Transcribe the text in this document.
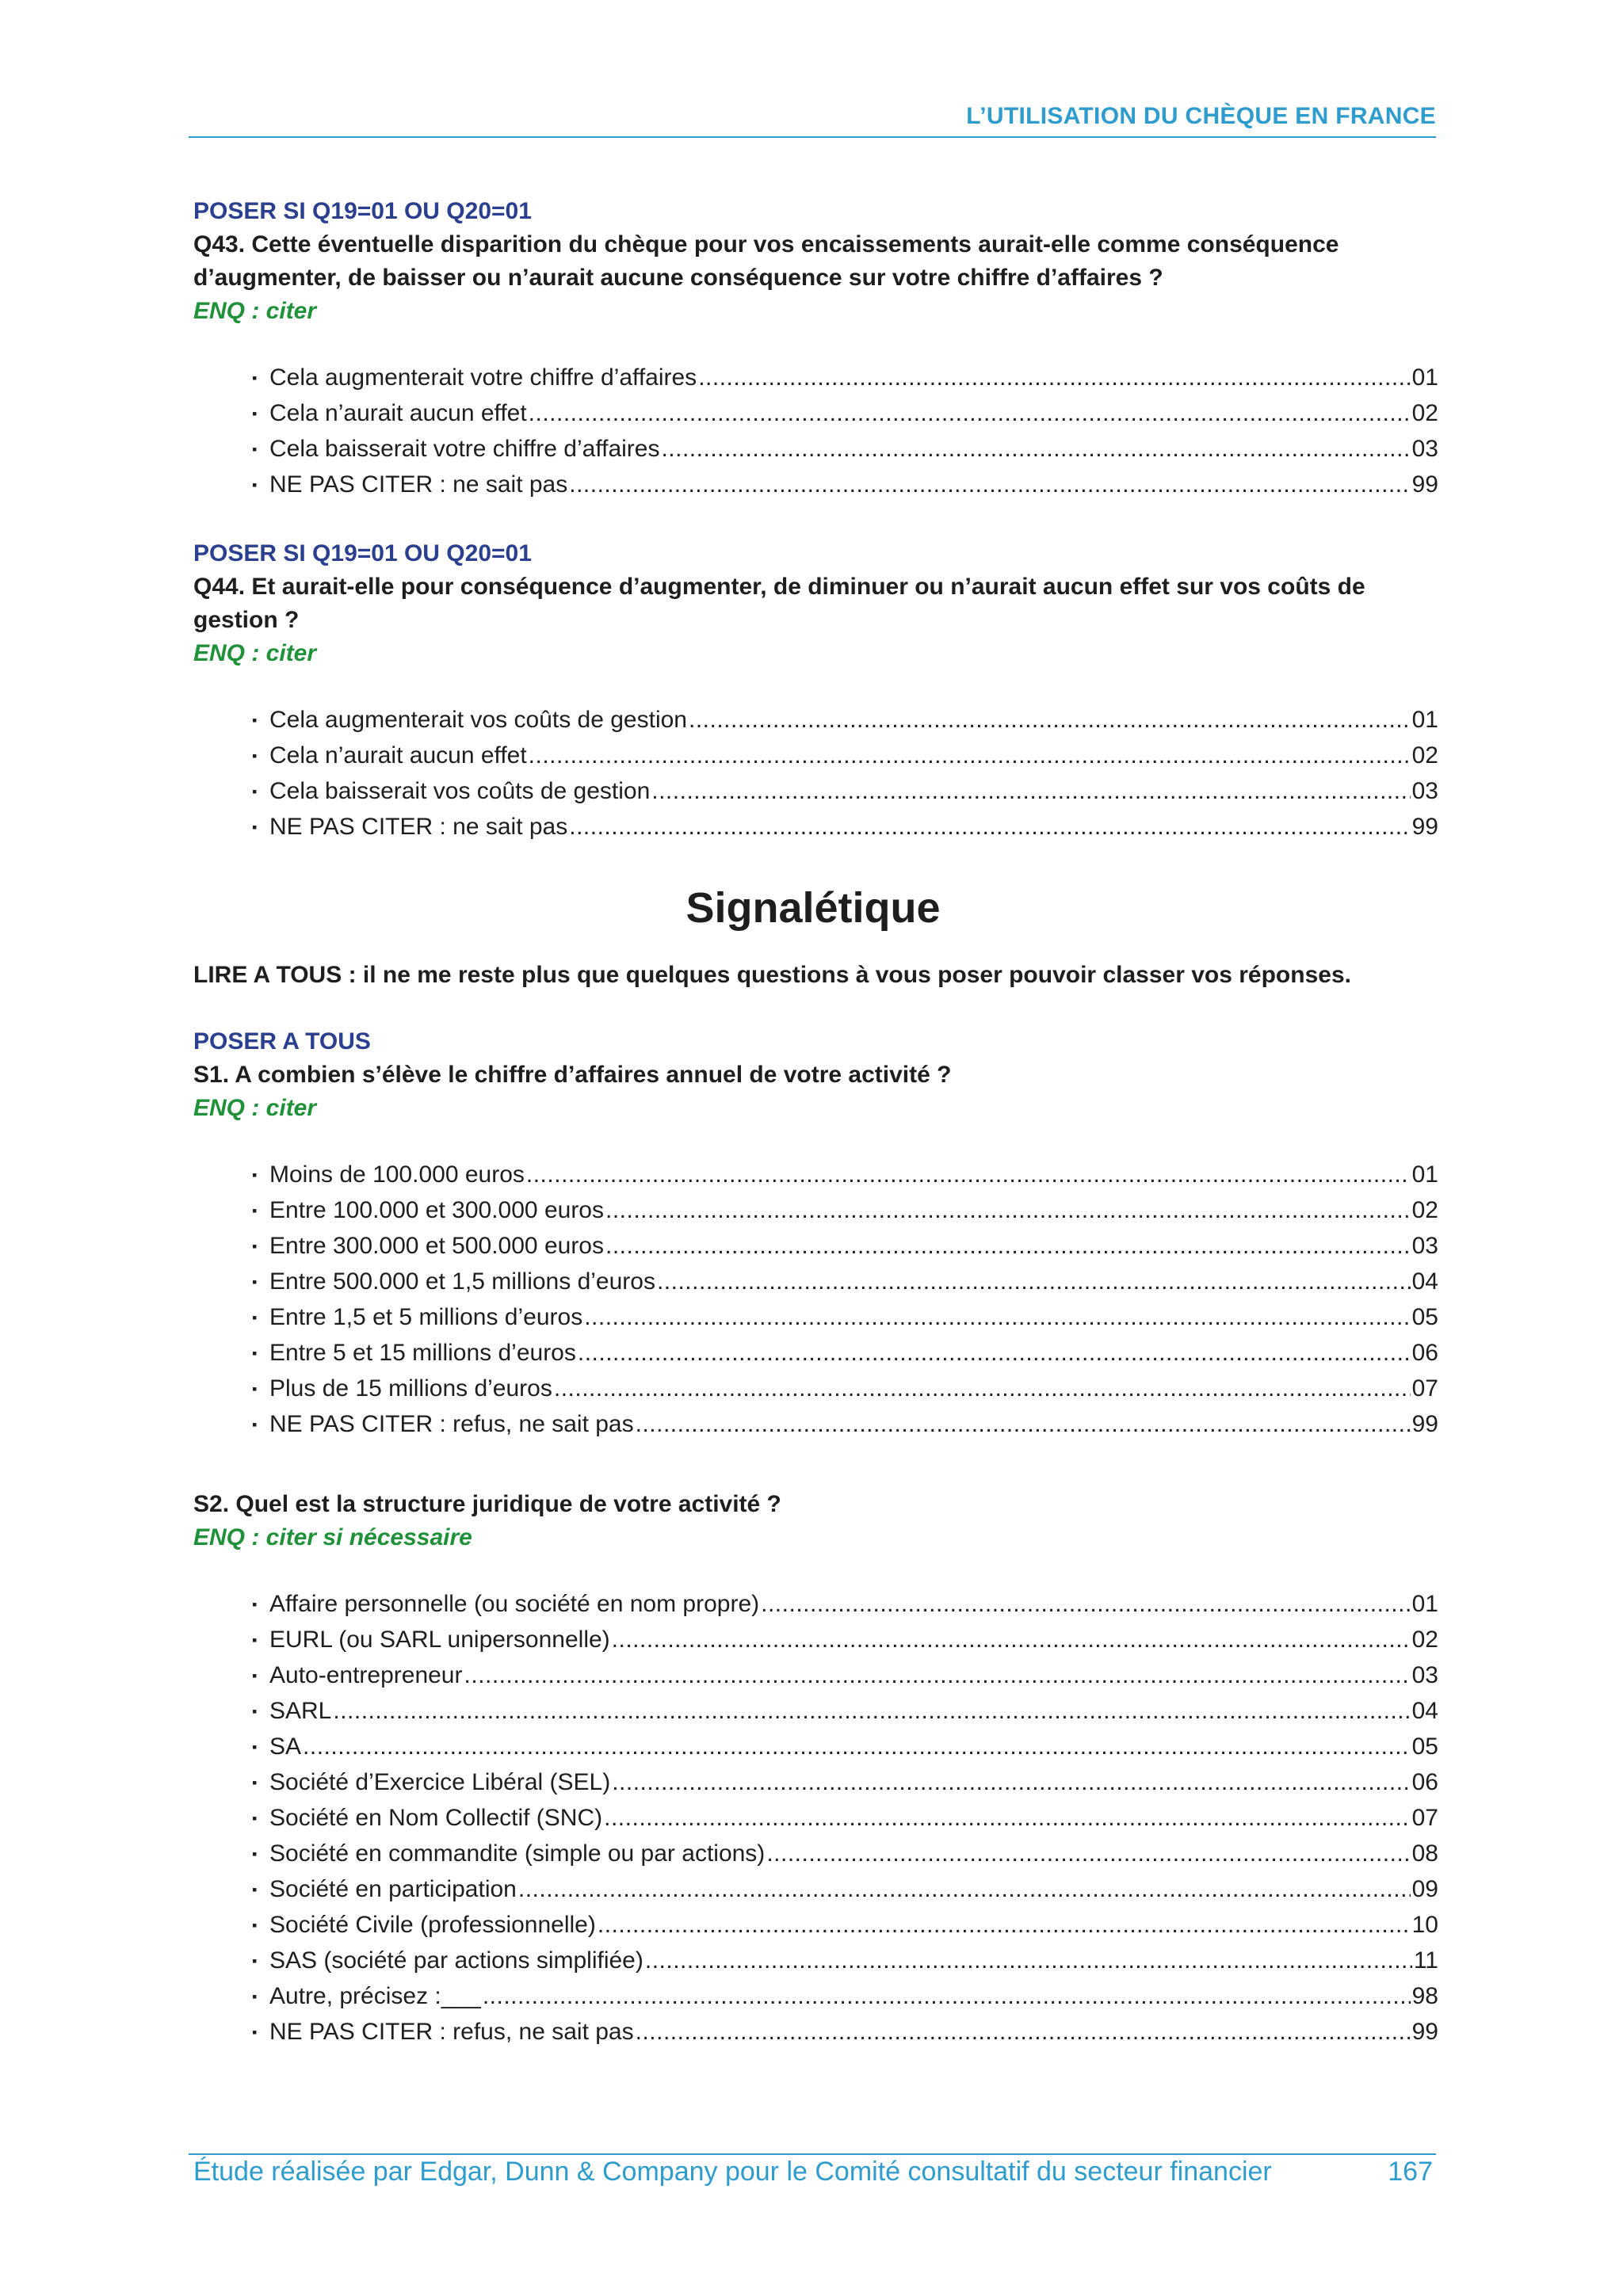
L’UTILISATION DU CHÈQUE EN FRANCE
POSER SI Q19=01 OU Q20=01
Q43. Cette éventuelle disparition du chèque pour vos encaissements aurait-elle comme conséquence d’augmenter, de baisser ou n’aurait aucune conséquence sur votre chiffre d’affaires ?
ENQ : citer
▪ Cela augmenterait votre chiffre d’affaires .....	01
▪ Cela n’aurait aucun effet .....	02
▪ Cela baisserait votre chiffre d’affaires .....	03
▪ NE PAS CITER : ne sait pas .....	99
POSER SI Q19=01 OU Q20=01
Q44. Et aurait-elle pour conséquence d’augmenter, de diminuer ou n’aurait aucun effet sur vos coûts de gestion ?
ENQ : citer
▪ Cela augmenterait vos coûts de gestion .....	01
▪ Cela n’aurait aucun effet .....	02
▪ Cela baisserait vos coûts de gestion .....	03
▪ NE PAS CITER : ne sait pas .....	99
Signalétique
LIRE A TOUS : il ne me reste plus que quelques questions à vous poser pouvoir classer vos réponses.
POSER A TOUS
S1. A combien s’élève le chiffre d’affaires annuel de votre activité ?
ENQ : citer
▪ Moins de 100.000 euros .....	01
▪ Entre 100.000 et 300.000 euros .....	02
▪ Entre 300.000 et 500.000 euros .....	03
▪ Entre 500.000 et 1,5 millions d’euros .....	04
▪ Entre 1,5 et 5 millions d’euros .....	05
▪ Entre 5 et 15 millions d’euros .....	06
▪ Plus de 15 millions d’euros .....	07
▪ NE PAS CITER : refus, ne sait pas .....	99
S2. Quel est la structure juridique de votre activité ?
ENQ : citer si nécessaire
▪ Affaire personnelle (ou société en nom propre) .....	01
▪ EURL (ou SARL unipersonnelle) .....	02
▪ Auto-entrepreneur .....	03
▪ SARL .....	04
▪ SA .....	05
▪ Société d’Exercice Libéral (SEL) .....	06
▪ Société en Nom Collectif (SNC) .....	07
▪ Société en commandite (simple ou par actions) .....	08
▪ Société en participation .....	09
▪ Société Civile (professionnelle) .....	10
▪ SAS (société par actions simplifiée) .....	11
▪ Autre, précisez :___ .....	98
▪ NE PAS CITER : refus, ne sait pas .....	99
Étude réalisée par Edgar, Dunn & Company pour le Comité consultatif du secteur financier	167
